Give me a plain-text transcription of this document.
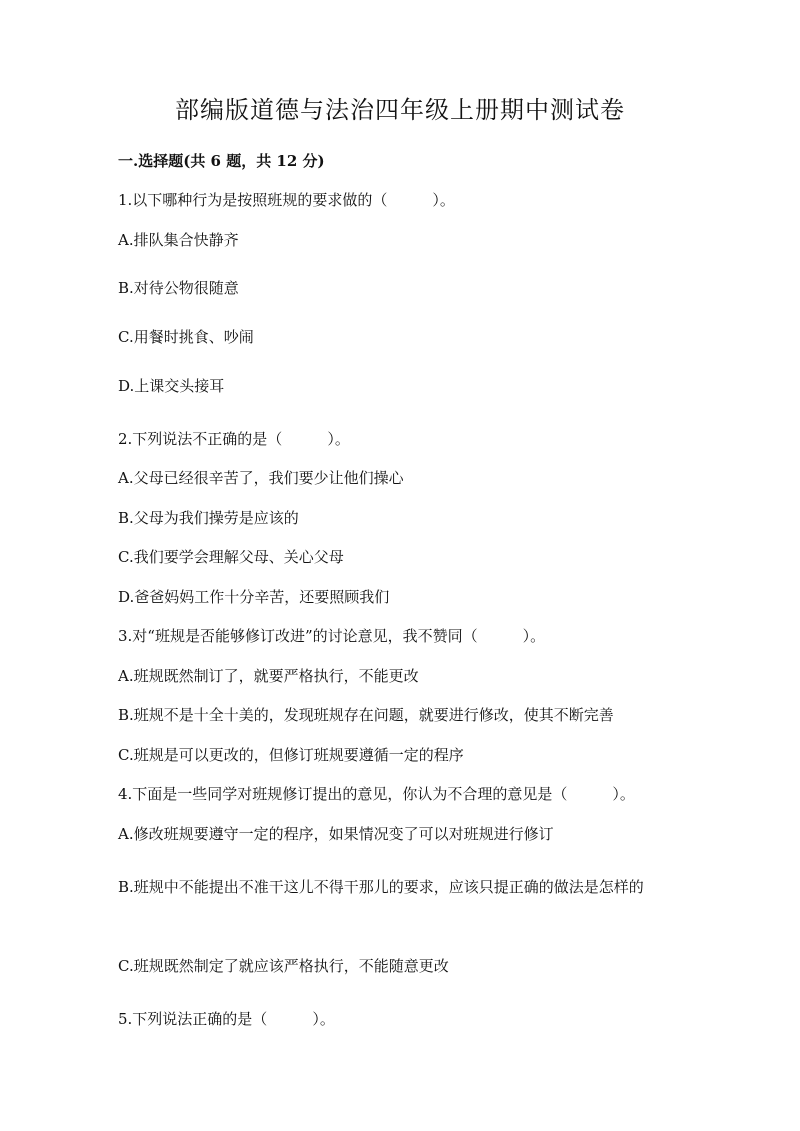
部编版道德与法治四年级上册期中测试卷
一.选择题(共 6 题，共 12 分)
1.以下哪种行为是按照班规的要求做的（　　　）。
A.排队集合快静齐
B.对待公物很随意
C.用餐时挑食、吵闹
D.上课交头接耳
2.下列说法不正确的是（　　　）。
A.父母已经很辛苦了，我们要少让他们操心
B.父母为我们操劳是应该的
C.我们要学会理解父母、关心父母
D.爸爸妈妈工作十分辛苦，还要照顾我们
3.对“班规是否能够修订改进”的讨论意见，我不赞同（　　　）。
A.班规既然制订了，就要严格执行，不能更改
B.班规不是十全十美的，发现班规存在问题，就要进行修改，使其不断完善
C.班规是可以更改的，但修订班规要遵循一定的程序
4.下面是一些同学对班规修订提出的意见，你认为不合理的意见是（　　　）。
A.修改班规要遵守一定的程序，如果情况变了可以对班规进行修订
B.班规中不能提出不准干这儿不得干那儿的要求，应该只提正确的做法是怎样的
C.班规既然制定了就应该严格执行，不能随意更改
5.下列说法正确的是（　　　）。
